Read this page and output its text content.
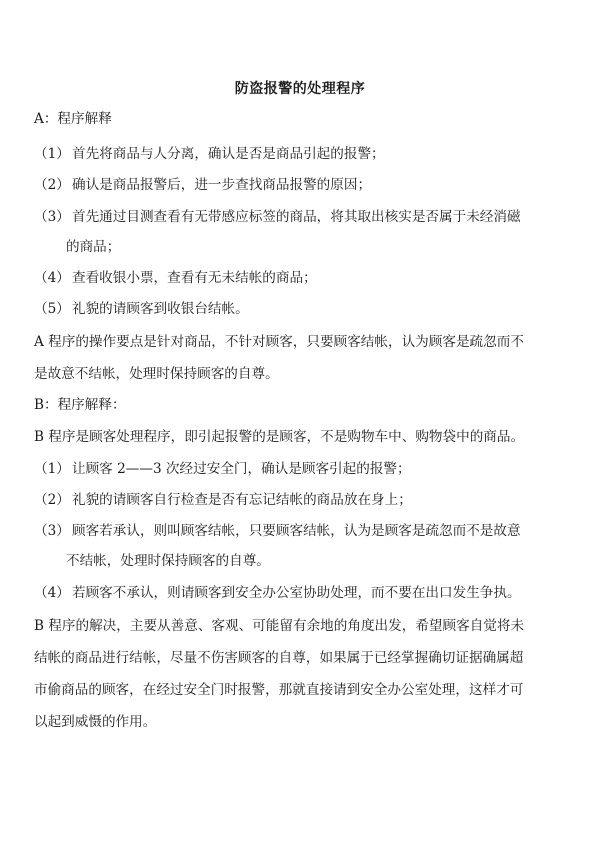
防盗报警的处理程序
A：程序解释
（1） 首先将商品与人分离，确认是否是商品引起的报警；
（2） 确认是商品报警后，进一步查找商品报警的原因；
（3） 首先通过目测查看有无带感应标签的商品，将其取出核实是否属于未经消磁
的商品；
（4） 查看收银小票，查看有无未结帐的商品；
（5） 礼貌的请顾客到收银台结帐。
A 程序的操作要点是针对商品，不针对顾客，只要顾客结帐，认为顾客是疏忽而不
是故意不结帐，处理时保持顾客的自尊。
B：程序解释：
B 程序是顾客处理程序，即引起报警的是顾客，不是购物车中、购物袋中的商品。
（1） 让顾客 2——3 次经过安全门，确认是顾客引起的报警；
（2） 礼貌的请顾客自行检查是否有忘记结帐的商品放在身上；
（3） 顾客若承认，则叫顾客结帐，只要顾客结帐，认为是顾客是疏忽而不是故意
不结帐，处理时保持顾客的自尊。
（4） 若顾客不承认，则请顾客到安全办公室协助处理，而不要在出口发生争执。
B 程序的解决，主要从善意、客观、可能留有余地的角度出发，希望顾客自觉将未
结帐的商品进行结帐，尽量不伤害顾客的自尊，如果属于已经掌握确切证据确属超
市偷商品的顾客，在经过安全门时报警，那就直接请到安全办公室处理，这样才可
以起到威慑的作用。
